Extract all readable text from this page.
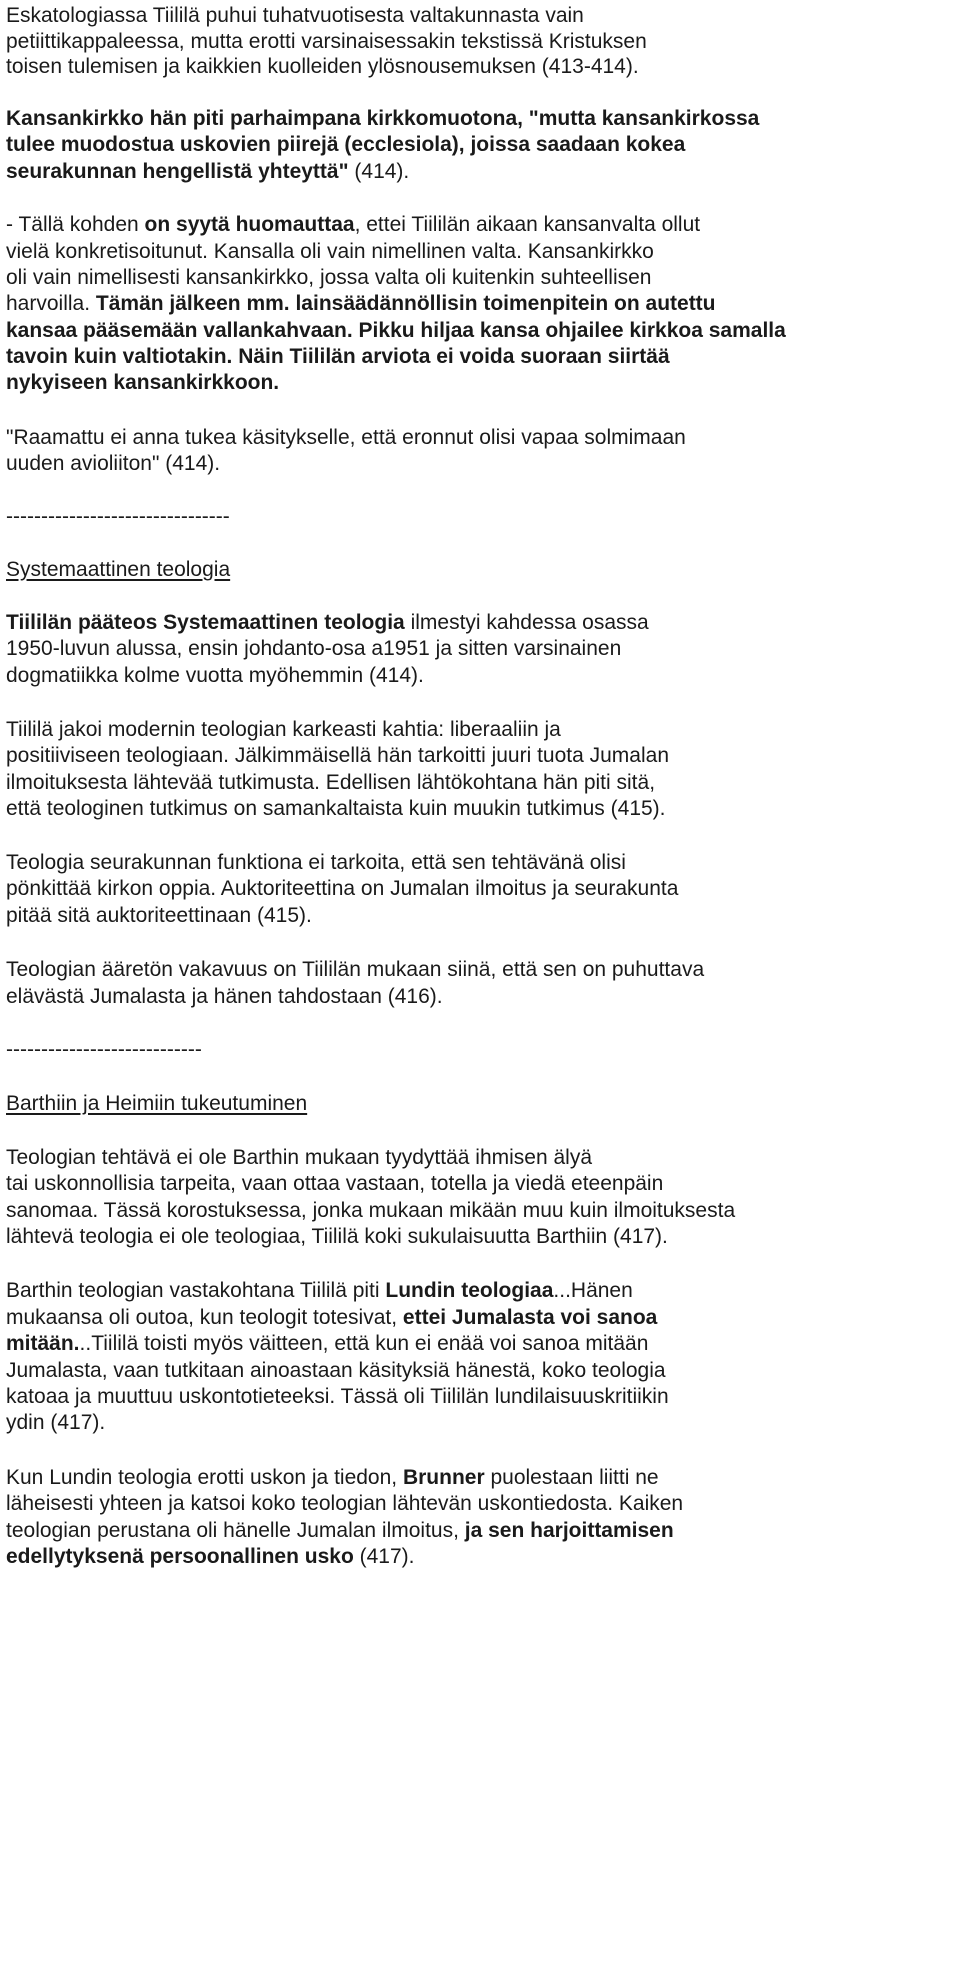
Eskatologiassa Tiililä puhui tuhatvuotisesta valtakunnasta vain
petiittikappaleessa, mutta erotti varsinaisessakin tekstissä Kristuksen
toisen tulemisen ja kaikkien kuolleiden ylösnousemuksen (413-414).
Kansankirkko hän piti parhaimpana kirkkomuotona, "mutta kansankirkossa
tulee muodostua uskovien piirejä (ecclesiola), joissa saadaan kokea
seurakunnan hengellistä yhteyttä" (414).
- Tällä kohden on syytä huomauttaa, ettei Tiililän aikaan kansanvalta ollut
vielä konkretisoitunut. Kansalla oli vain nimellinen valta. Kansankirkko
oli vain nimellisesti kansankirkko, jossa valta oli kuitenkin suhteellisen
harvoilla. Tämän jälkeen mm. lainsäädännöllisin toimenpitein on autettu
kansaa pääsemään vallankahvaan. Pikku hiljaa kansa ohjailee kirkkoa samalla
tavoin kuin valtiotakin. Näin Tiililän arviota ei voida suoraan siirtää
nykyiseen kansankirkkoon.
"Raamattu ei anna tukea käsitykselle, että eronnut olisi vapaa solmimaan
uuden avioliiton" (414).
--------------------------------
Systemaattinen teologia
Tiililän pääteos Systemaattinen teologia ilmestyi kahdessa osassa
1950-luvun alussa, ensin johdanto-osa a1951 ja sitten varsinainen
dogmatiikka kolme vuotta myöhemmin (414).
Tiililä jakoi modernin teologian karkeasti kahtia: liberaaliin ja
positiiviseen teologiaan. Jälkimmäisellä hän tarkoitti juuri tuota Jumalan
ilmoituksesta lähtevää tutkimusta. Edellisen lähtökohtana hän piti sitä,
että teologinen tutkimus on samankaltaista kuin muukin tutkimus (415).
Teologia seurakunnan funktiona ei tarkoita, että sen tehtävänä olisi
pönkittää kirkon oppia. Auktoriteettina on Jumalan ilmoitus ja seurakunta
pitää sitä auktoriteettinaan (415).
Teologian ääretön vakavuus on Tiililän mukaan siinä, että sen on puhuttava
elävästä Jumalasta ja hänen tahdostaan (416).
----------------------------
Barthiin ja Heimiin tukeutuminen
Teologian tehtävä ei ole Barthin mukaan tyydyttää ihmisen älyä
tai uskonnollisia tarpeita, vaan ottaa vastaan, totella ja viedä eteenpäin
sanomaa. Tässä korostuksessa, jonka mukaan mikään muu kuin ilmoituksesta
lähtevä teologia ei ole teologiaa, Tiililä koki sukulaisuutta Barthiin (417).
Barthin teologian vastakohtana Tiililä piti Lundin teologiaa...Hänen
mukaansa oli outoa, kun teologit totesivat, ettei Jumalasta voi sanoa
mitään...Tiililä toisti myös väitteen, että kun ei enää voi sanoa mitään
Jumalasta, vaan tutkitaan ainoastaan käsityksiä hänestä, koko teologia
katoaa ja muuttuu uskontotieteeksi. Tässä oli Tiililän lundilaisuuskritiikin
ydin (417).
Kun Lundin teologia erotti uskon ja tiedon, Brunner puolestaan liitti ne
läheisesti yhteen ja katsoi koko teologian lähtevän uskontiedosta. Kaiken
teologian perustana oli hänelle Jumalan ilmoitus, ja sen harjoittamisen
edellytyksenä persoonallinen usko (417).
